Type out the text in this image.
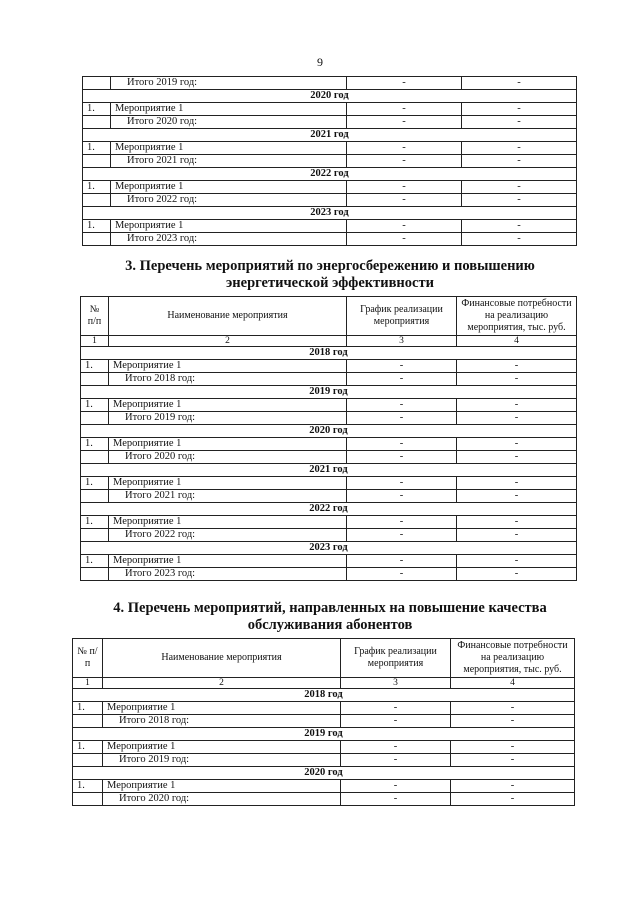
9
	Итого 2019 год:	-	-
2020 год			
1.	Мероприятие 1	-	-
	Итого 2020 год:	-	-
2021 год			
1.	Мероприятие 1	-	-
	Итого 2021 год:	-	-
2022 год			
1.	Мероприятие 1	-	-
	Итого 2022 год:	-	-
2023 год			
1.	Мероприятие 1	-	-
	Итого 2023 год:	-	-
3. Перечень мероприятий по энергосбережению и повышению
энергетической эффективности
№ п/п	Наименование мероприятия	График реализации мероприятия	Финансовые потребности на реализацию мероприятия, тыс. руб.
1	2	3	4
2018 год			
1.	Мероприятие 1	-	-
	Итого 2018 год:	-	-
2019 год			
1.	Мероприятие 1	-	-
	Итого 2019 год:	-	-
2020 год			
1.	Мероприятие 1	-	-
	Итого 2020 год:	-	-
2021 год			
1.	Мероприятие 1	-	-
	Итого 2021 год:	-	-
2022 год			
1.	Мероприятие 1	-	-
	Итого 2022 год:	-	-
2023 год			
1.	Мероприятие 1	-	-
	Итого 2023 год:	-	-
4. Перечень мероприятий, направленных на повышение качества
обслуживания абонентов
№ п/п	Наименование мероприятия	График реализации мероприятия	Финансовые потребности на реализацию мероприятия, тыс. руб.
1	2	3	4
2018 год			
1.	Мероприятие 1	-	-
	Итого 2018 год:	-	-
2019 год			
1.	Мероприятие 1	-	-
	Итого 2019 год:	-	-
2020 год			
1.	Мероприятие 1	-	-
	Итого 2020 год:	-	-
